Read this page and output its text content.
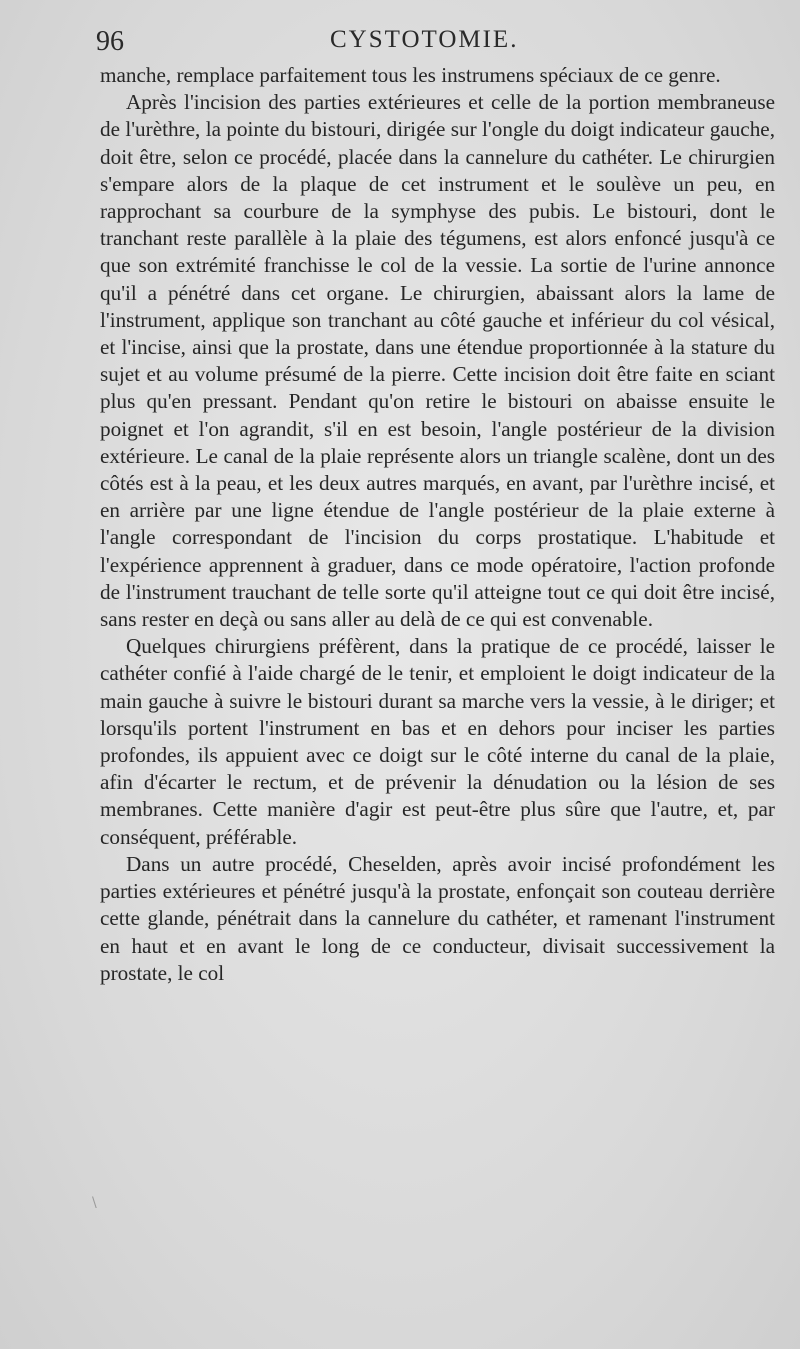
96	CYSTOTOMIE.

manche, remplace parfaitement tous les instrumens spéciaux de ce genre.

Après l'incision des parties extérieures et celle de la portion membraneuse de l'urèthre, la pointe du bistouri, dirigée sur l'ongle du doigt indicateur gauche, doit être, selon ce procédé, placée dans la cannelure du cathéter. Le chirurgien s'empare alors de la plaque de cet instrument et le soulève un peu, en rapprochant sa courbure de la symphyse des pubis. Le bistouri, dont le tranchant reste parallèle à la plaie des tégumens, est alors enfoncé jusqu'à ce que son extrémité franchisse le col de la vessie. La sortie de l'urine annonce qu'il a pénétré dans cet organe. Le chirurgien, abaissant alors la lame de l'instrument, applique son tranchant au côté gauche et inférieur du col vésical, et l'incise, ainsi que la prostate, dans une étendue proportionnée à la stature du sujet et au volume présumé de la pierre. Cette incision doit être faite en sciant plus qu'en pressant. Pendant qu'on retire le bistouri on abaisse ensuite le poignet et l'on agrandit, s'il en est besoin, l'angle postérieur de la division extérieure. Le canal de la plaie représente alors un triangle scalène, dont un des côtés est à la peau, et les deux autres marqués, en avant, par l'urèthre incisé, et en arrière par une ligne étendue de l'angle postérieur de la plaie externe à l'angle correspondant de l'incision du corps prostatique. L'habitude et l'expérience apprennent à graduer, dans ce mode opératoire, l'action profonde de l'instrument trauchant de telle sorte qu'il atteigne tout ce qui doit être incisé, sans rester en deçà ou sans aller au delà de ce qui est convenable.

Quelques chirurgiens préfèrent, dans la pratique de ce procédé, laisser le cathéter confié à l'aide chargé de le tenir, et emploient le doigt indicateur de la main gauche à suivre le bistouri durant sa marche vers la vessie, à le diriger; et lorsqu'ils portent l'instrument en bas et en dehors pour inciser les parties profondes, ils appuient avec ce doigt sur le côté interne du canal de la plaie, afin d'écarter le rectum, et de prévenir la dénudation ou la lésion de ses membranes. Cette manière d'agir est peut-être plus sûre que l'autre, et, par conséquent, préférable.

Dans un autre procédé, Cheselden, après avoir incisé profondément les parties extérieures et pénétré jusqu'à la prostate, enfonçait son couteau derrière cette glande, pénétrait dans la cannelure du cathéter, et ramenant l'instrument en haut et en avant le long de ce conducteur, divisait successivement la prostate, le col

\
